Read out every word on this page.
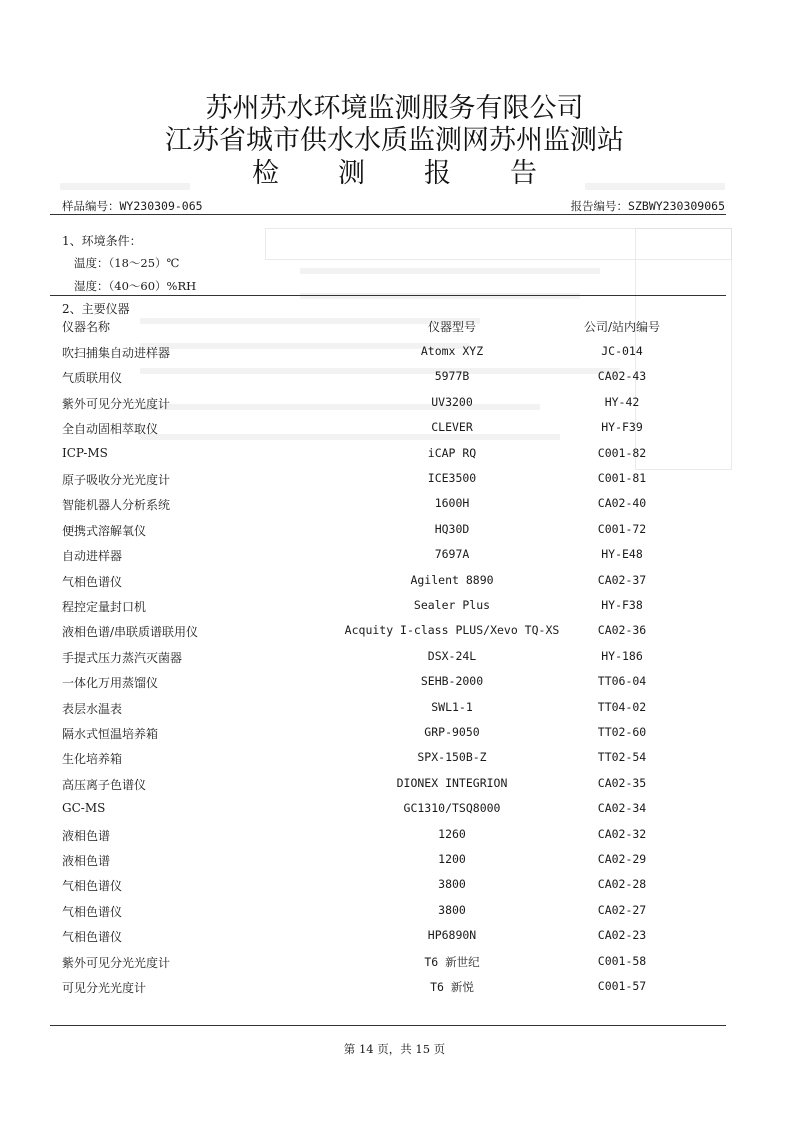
苏州苏水环境监测服务有限公司
江苏省城市供水水质监测网苏州监测站
检 测 报 告
样品编号：WY230309-065	报告编号：SZBWY230309065
1、环境条件：
温度：（18～25）℃
湿度：（40～60）%RH
2、主要仪器
仪器名称	仪器型号	公司/站内编号
吹扫捕集自动进样器	Atomx XYZ	JC-014
气质联用仪	5977B	CA02-43
紫外可见分光光度计	UV3200	HY-42
全自动固相萃取仪	CLEVER	HY-F39
ICP-MS	iCAP RQ	C001-82
原子吸收分光光度计	ICE3500	C001-81
智能机器人分析系统	1600H	CA02-40
便携式溶解氧仪	HQ30D	C001-72
自动进样器	7697A	HY-E48
气相色谱仪	Agilent 8890	CA02-37
程控定量封口机	Sealer Plus	HY-F38
液相色谱/串联质谱联用仪	Acquity I-class PLUS/Xevo TQ-XS	CA02-36
手提式压力蒸汽灭菌器	DSX-24L	HY-186
一体化万用蒸馏仪	SEHB-2000	TT06-04
表层水温表	SWL1-1	TT04-02
隔水式恒温培养箱	GRP-9050	TT02-60
生化培养箱	SPX-150B-Z	TT02-54
高压离子色谱仪	DIONEX INTEGRION	CA02-35
GC-MS	GC1310/TSQ8000	CA02-34
液相色谱	1260	CA02-32
液相色谱	1200	CA02-29
气相色谱仪	3800	CA02-28
气相色谱仪	3800	CA02-27
气相色谱仪	HP6890N	CA02-23
紫外可见分光光度计	T6 新世纪	C001-58
可见分光光度计	T6 新悦	C001-57
第 14 页，共 15 页
